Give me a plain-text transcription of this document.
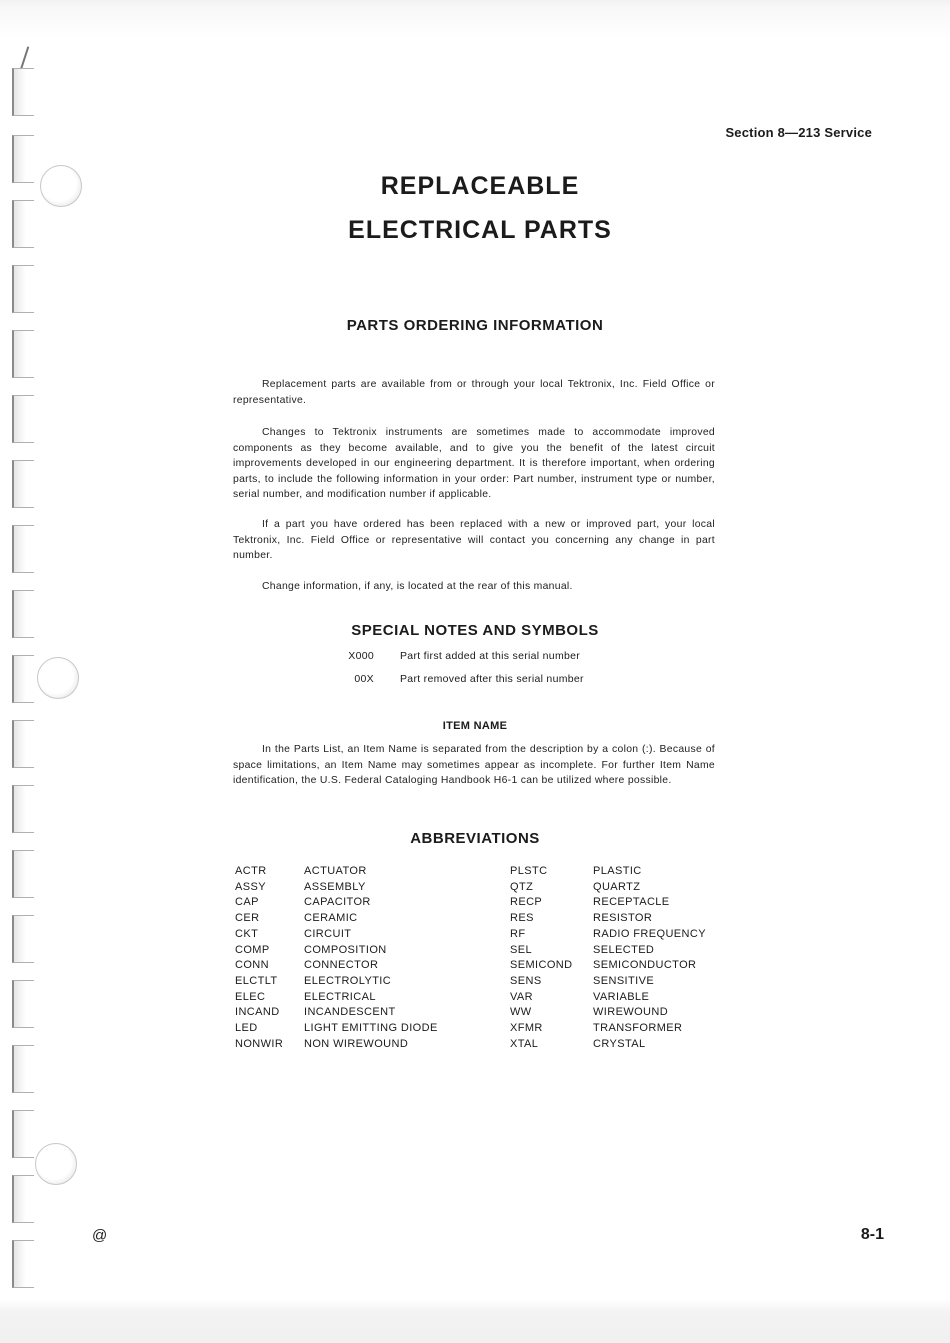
Section 8—213 Service
REPLACEABLE
ELECTRICAL PARTS
PARTS ORDERING INFORMATION

Replacement parts are available from or through your local Tektronix, Inc. Field Office or representative.

Changes to Tektronix instruments are sometimes made to accommodate improved components as they become available, and to give you the benefit of the latest circuit improvements developed in our engineering department. It is therefore important, when ordering parts, to include the following information in your order: Part number, instrument type or number, serial number, and modification number if applicable.

If a part you have ordered has been replaced with a new or improved part, your local Tektronix, Inc. Field Office or representative will contact you concerning any change in part number.

Change information, if any, is located at the rear of this manual.

SPECIAL NOTES AND SYMBOLS
X000 Part first added at this serial number
00X Part removed after this serial number
ITEM NAME

In the Parts List, an Item Name is separated from the description by a colon (:). Because of space limitations, an Item Name may sometimes appear as incomplete. For further Item Name identification, the U.S. Federal Cataloging Handbook H6-1 can be utilized where possible.

ABBREVIATIONS
ACTR
ASSY
CAP
CER
CKT
COMP
CONN
ELCTLT
ELEC
INCAND
LED
NONWIR
ACTUATOR
ASSEMBLY
CAPACITOR
CERAMIC
CIRCUIT
COMPOSITION
CONNECTOR
ELECTROLYTIC
ELECTRICAL
INCANDESCENT
LIGHT EMITTING DIODE
NON WIREWOUND
PLSTC
QTZ
RECP
RES
RF
SEL
SEMICOND
SENS
VAR
WW
XFMR
XTAL
PLASTIC
QUARTZ
RECEPTACLE
RESISTOR
RADIO FREQUENCY
SELECTED
SEMICONDUCTOR
SENSITIVE
VARIABLE
WIREWOUND
TRANSFORMER
CRYSTAL
@	8-1
